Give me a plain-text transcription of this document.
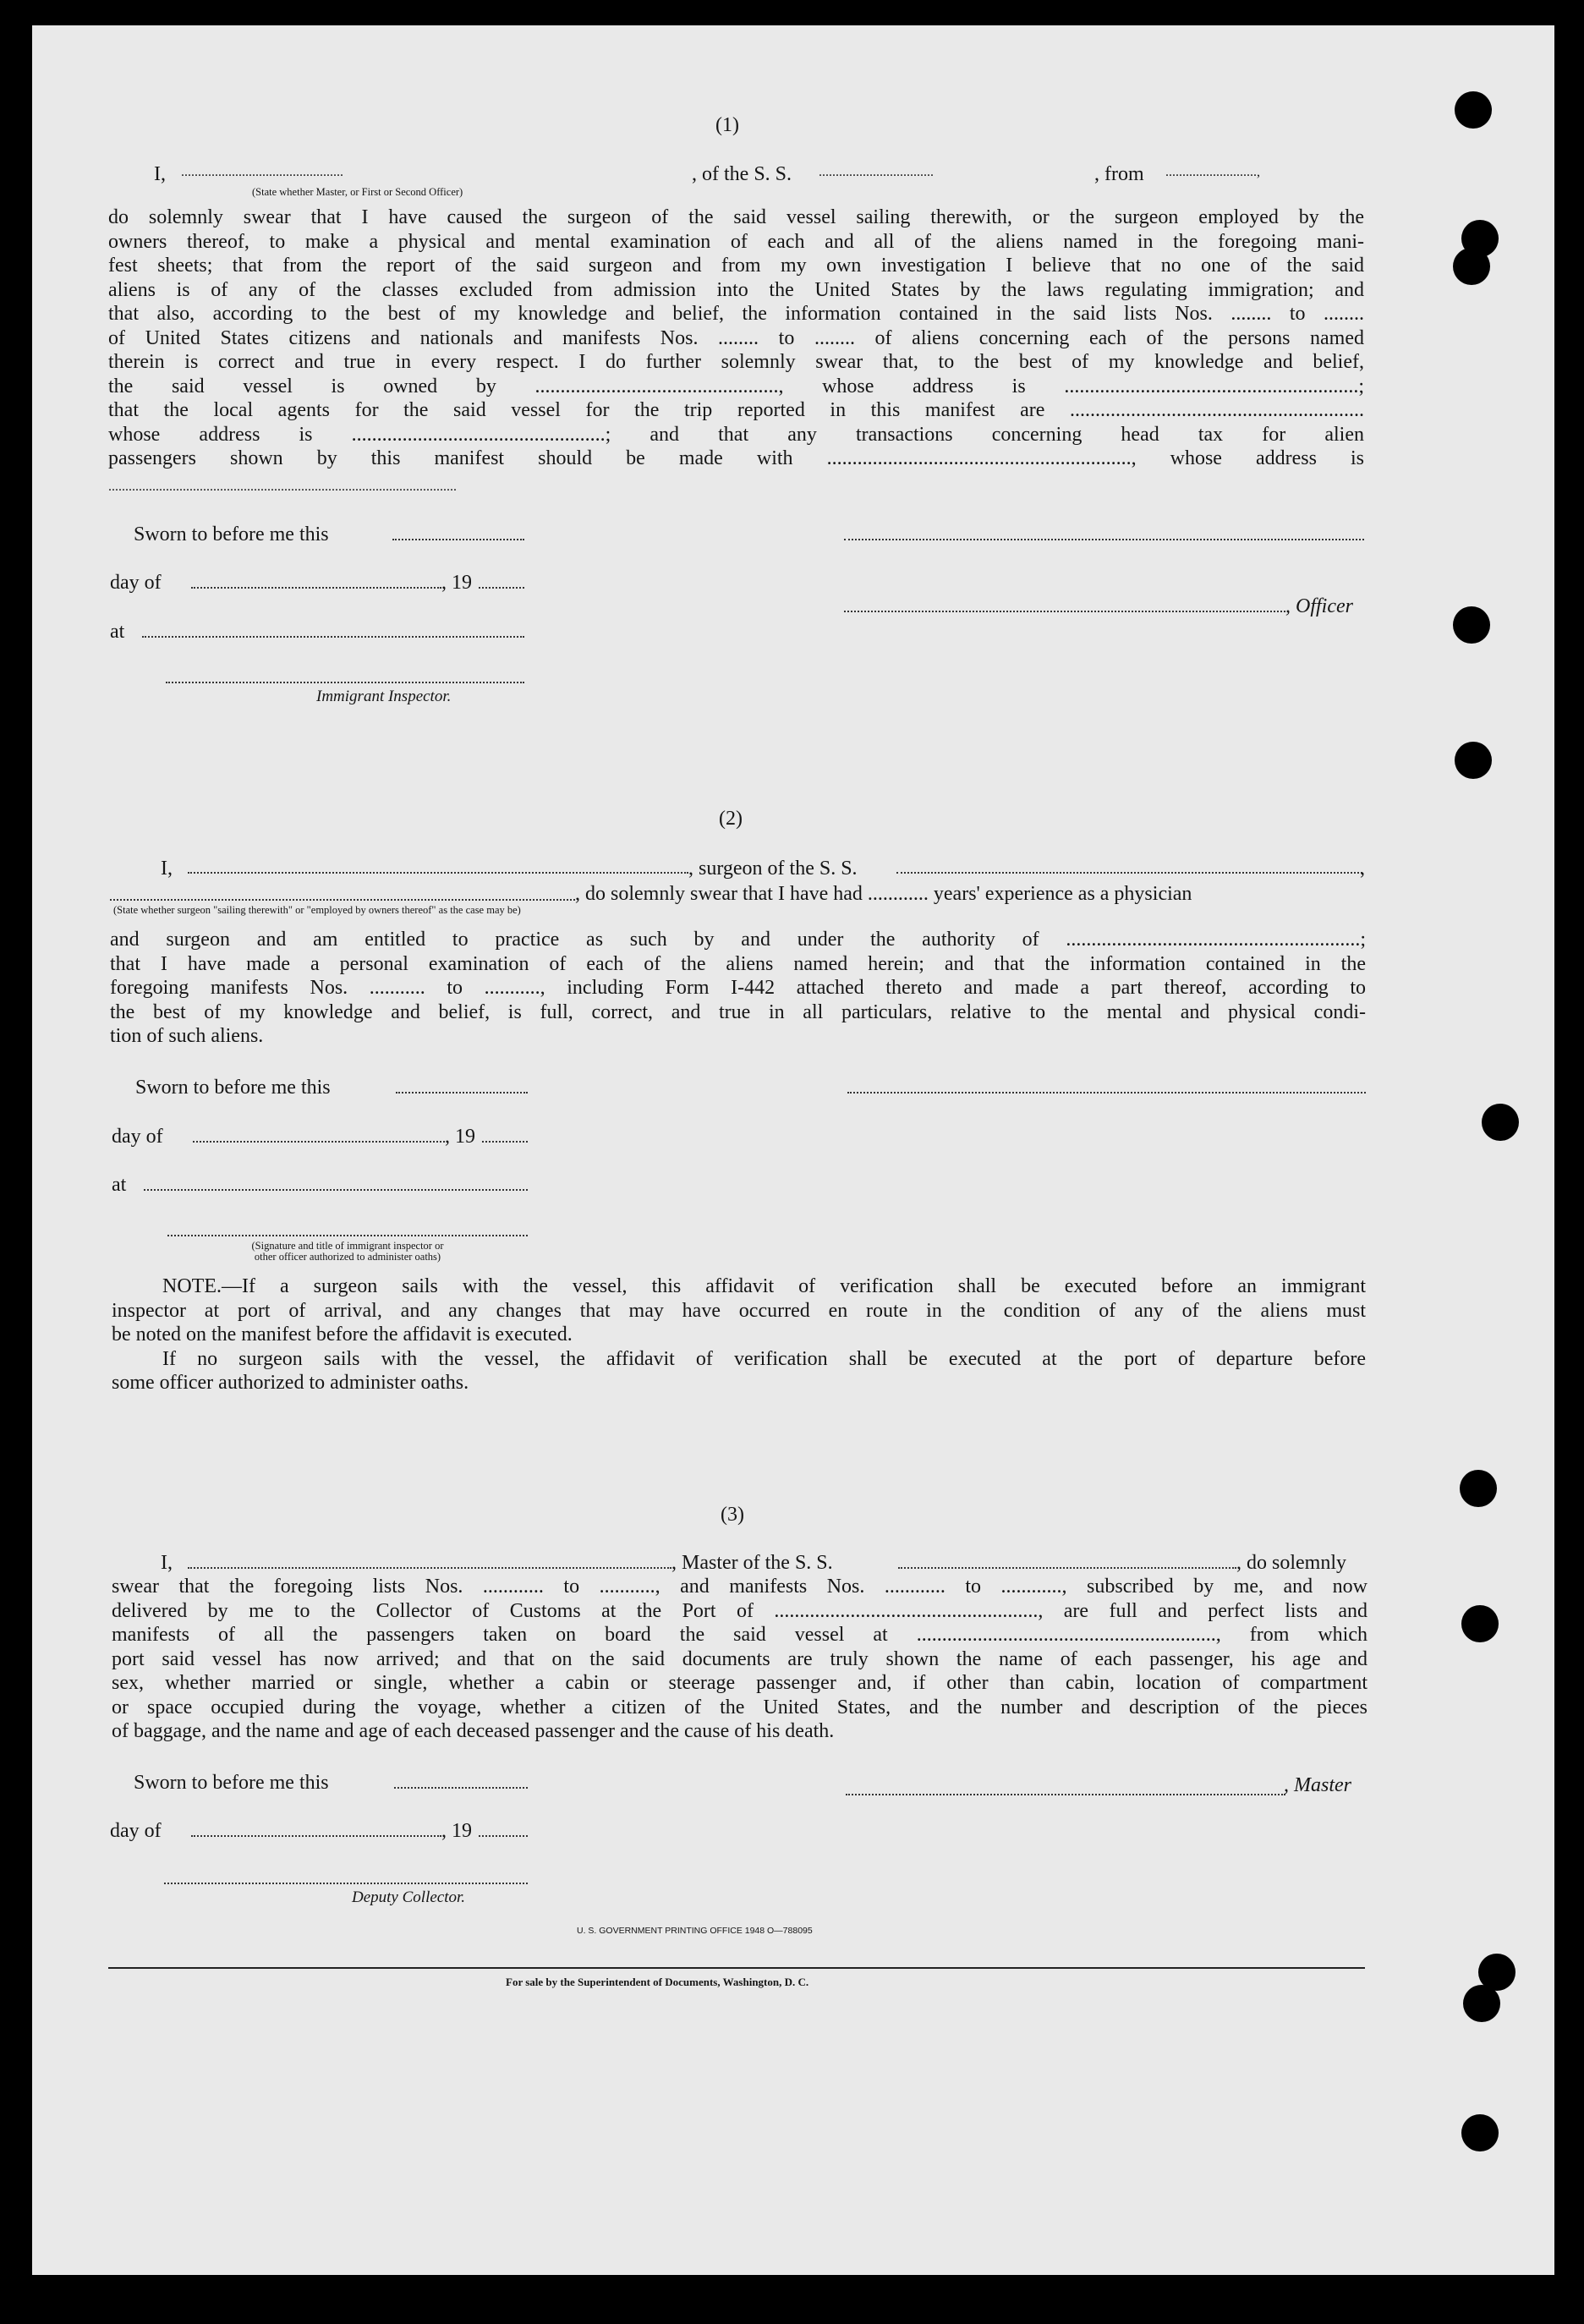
(1)
I, ................................................	, of the S. S. ..................................	, from ...........................,
(State whether Master, or First or Second Officer)
do solemnly swear that I have caused the surgeon of the said vessel sailing therewith, or the surgeon employed by the
owners thereof, to make a physical and mental examination of each and all of the aliens named in the foregoing mani-
fest sheets; that from the report of the said surgeon and from my own investigation I believe that no one of the said
aliens is of any of the classes excluded from admission into the United States by the laws regulating immigration; and
that also, according to the best of my knowledge and belief, the information contained in the said lists Nos. ........ to ........
of United States citizens and nationals and manifests Nos. ........ to ........ of aliens concerning each of the persons named
therein is correct and true in every respect. I do further solemnly swear that, to the best of my knowledge and belief,
the said vessel is owned by ................................................, whose address is ..........................................................;
that the local agents for the said vessel for the trip reported in this manifest are ..........................................................
whose address is ..................................................; and that any transactions concerning head tax for alien
passengers shown by this manifest should be made with ............................................................, whose address is
.......................................................................................................
Sworn to before me this
day of	, 19
, Officer
at
Immigrant Inspector.
(2)
I,	, surgeon of the S. S.	,
, do solemnly swear that I have had ............ years' experience as a physician
(State whether surgeon "sailing therewith" or "employed by owners thereof" as the case may be)
and surgeon and am entitled to practice as such by and under the authority of ..........................................................;
that I have made a personal examination of each of the aliens named herein; and that the information contained in the
foregoing manifests Nos. ........... to ..........., including Form I-442 attached thereto and made a part thereof, according to
the best of my knowledge and belief, is full, correct, and true in all particulars, relative to the mental and physical condi-
tion of such aliens.
Sworn to before me this
day of	, 19
at
(Signature and title of immigrant inspector or
other officer authorized to administer oaths)
NOTE.—If a surgeon sails with the vessel, this affidavit of verification shall be executed before an immigrant
inspector at port of arrival, and any changes that may have occurred en route in the condition of any of the aliens must
be noted on the manifest before the affidavit is executed.
If no surgeon sails with the vessel, the affidavit of verification shall be executed at the port of departure before
some officer authorized to administer oaths.
(3)
I,	, Master of the S. S.	, do solemnly
swear that the foregoing lists Nos. ............ to ..........., and manifests Nos. ............ to ............, subscribed by me, and now
delivered by me to the Collector of Customs at the Port of ...................................................., are full and perfect lists and
manifests of all the passengers taken on board the said vessel at ..........................................................., from which
port said vessel has now arrived; and that on the said documents are truly shown the name of each passenger, his age and
sex, whether married or single, whether a cabin or steerage passenger and, if other than cabin, location of compartment
or space occupied during the voyage, whether a citizen of the United States, and the number and description of the pieces
of baggage, and the name and age of each deceased passenger and the cause of his death.
Sworn to before me this	, Master
day of	, 19
Deputy Collector.
U. S. GOVERNMENT PRINTING OFFICE 1948 O—788095
For sale by the Superintendent of Documents, Washington, D. C.
